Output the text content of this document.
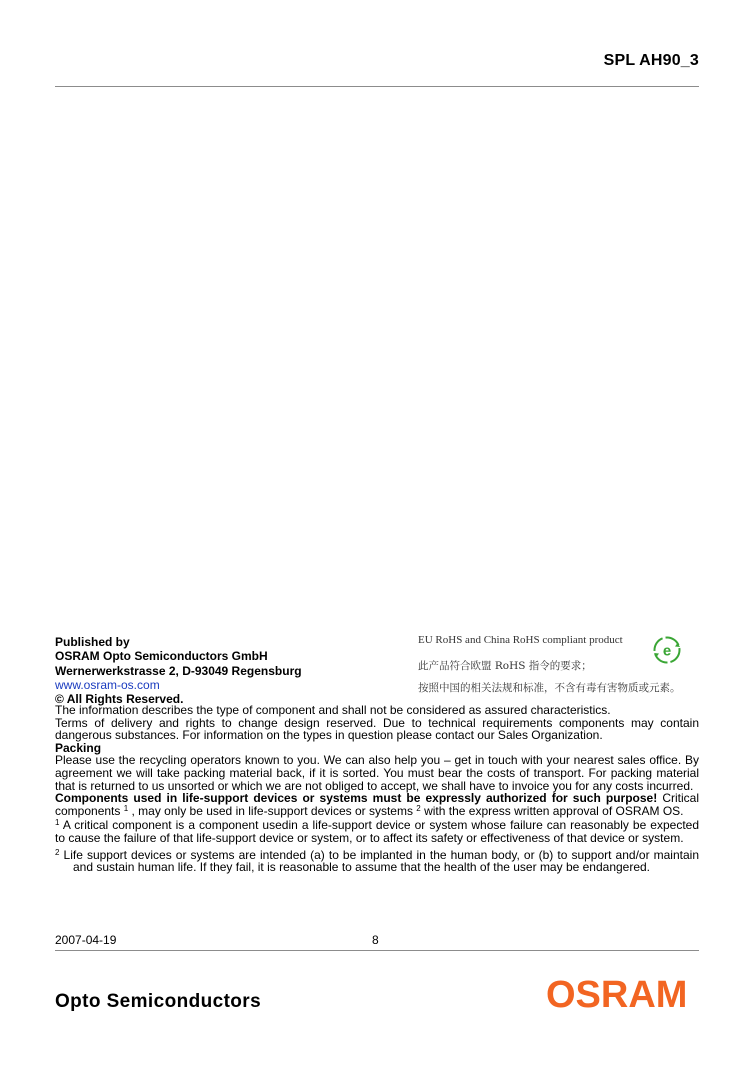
SPL AH90_3
Published by
OSRAM Opto Semiconductors GmbH
Wernerwerkstrasse 2, D-93049 Regensburg
www.osram-os.com
© All Rights Reserved.
EU RoHS and China RoHS compliant product
此产品符合欧盟 RoHS 指令的要求；
按照中国的相关法规和标准，不含有毒有害物质或元素。
e

The information describes the type of component and shall not be considered as assured characteristics.

Terms of delivery and rights to change design reserved. Due to technical requirements components may contain dangerous substances. For information on the types in question please contact our Sales Organization.

Packing

Please use the recycling operators known to you. We can also help you – get in touch with your nearest sales office. By agreement we will take packing material back, if it is sorted. You must bear the costs of transport. For packing material that is returned to us unsorted or which we are not obliged to accept, we shall have to invoice you for any costs incurred.

Components used in life-support devices or systems must be expressly authorized for such purpose! Critical components $^1$ , may only be used in life-support devices or systems $^2$ with the express written approval of OSRAM OS.

$^1$ A critical component is a component usedin a life-support device or system whose failure can reasonably be expected to cause the failure of that life-support device or system, or to affect its safety or effectiveness of that device or system.

$^2$ Life support devices or systems are intended (a) to be implanted in the human body, or (b) to support and/or maintain and sustain human life. If they fail, it is reasonable to assume that the health of the user may be endangered.

2007-04-19	8
Opto Semiconductors	OSRAM
